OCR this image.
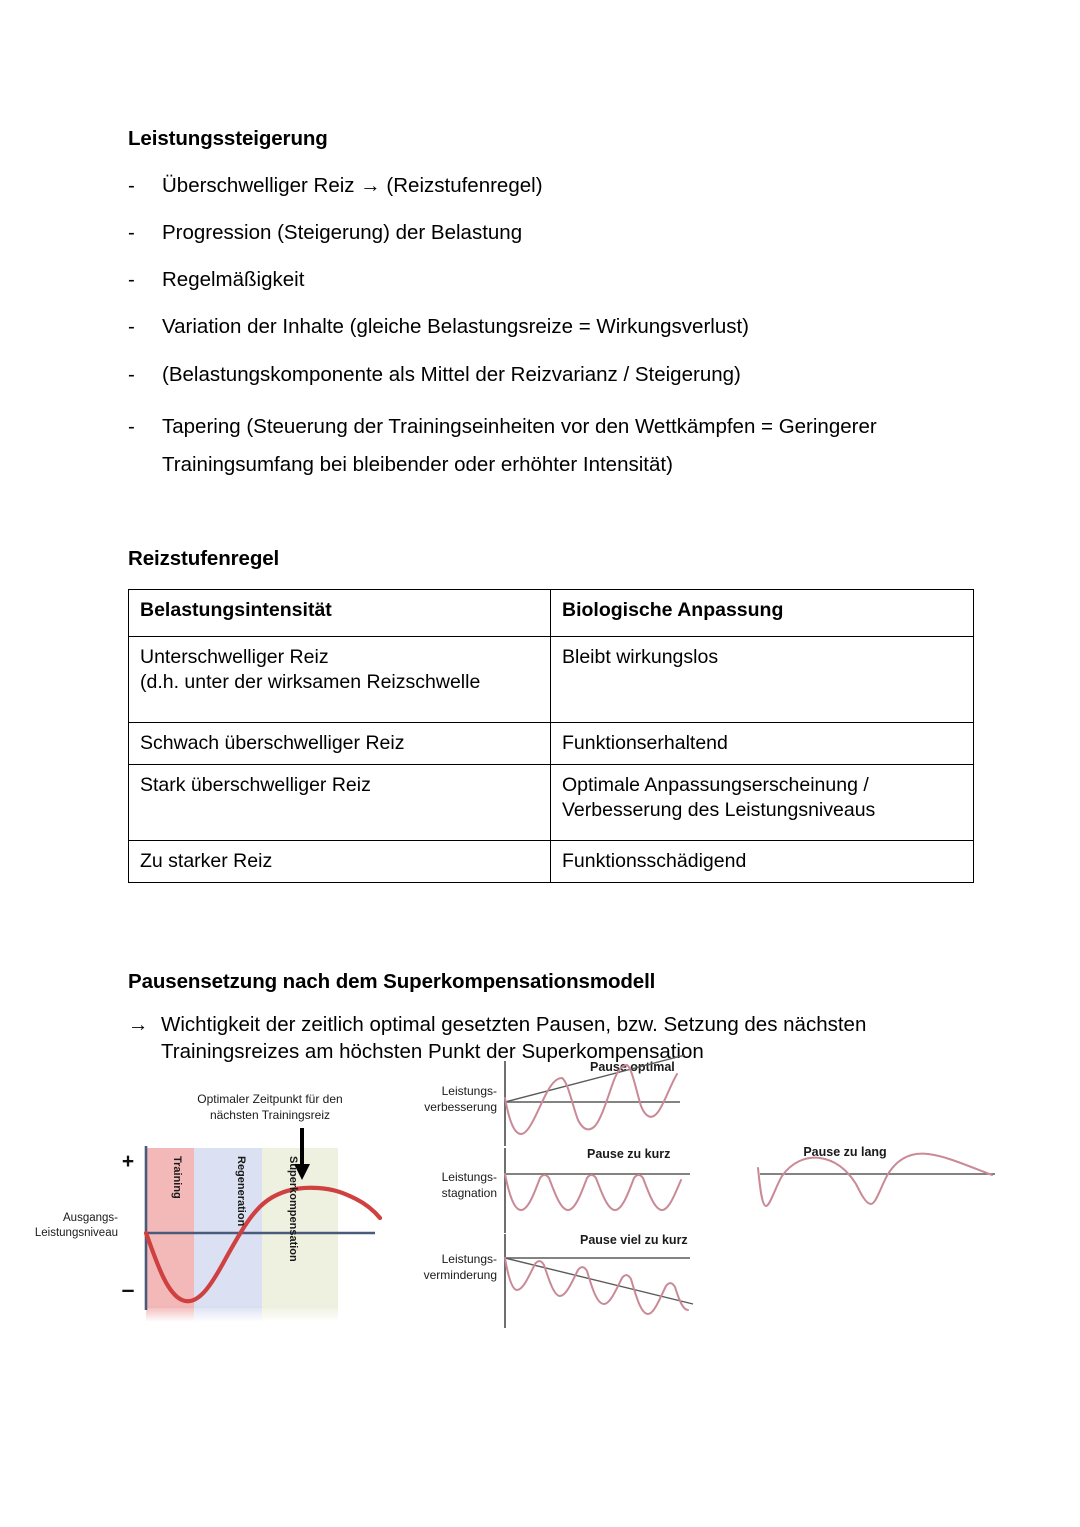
Leistungssteigerung
- Überschwelliger Reiz → (Reizstufenregel)
- Progression (Steigerung) der Belastung
- Regelmäßigkeit
- Variation der Inhalte (gleiche Belastungsreize = Wirkungsverlust)
- (Belastungskomponente als Mittel der Reizvarianz / Steigerung)
- Tapering (Steuerung der Trainingseinheiten vor den Wettkämpfen = Geringerer
Trainingsumfang bei bleibender oder erhöhter Intensität)
Reizstufenregel
Belastungsintensität	Biologische Anpassung

Unterschwelliger Reiz
(d.h. unter der wirksamen Reizschwelle	Bleibt wirkungslos

Schwach überschwelliger Reiz	Funktionserhaltend

Stark überschwelliger Reiz	Optimale Anpassungserscheinung /
Verbesserung des Leistungsniveaus

Zu starker Reiz	Funktionsschädigend
Pausensetzung nach dem Superkompensationsmodell
→ Wichtigkeit der zeitlich optimal gesetzten Pausen, bzw. Setzung des nächsten
Trainingsreizes am höchsten Punkt der Superkompensation
+
–
Ausgangs-
Leistungsniveau
Training	Regeneration	Superkompensation
Optimaler Zeitpunkt für den
nächsten Trainingsreiz
Leistungs-
verbesserung
Pause optimal
Leistungs-
stagnation
Pause zu kurz	Pause zu lang
Leistungs-
verminderung
Pause viel zu kurz
